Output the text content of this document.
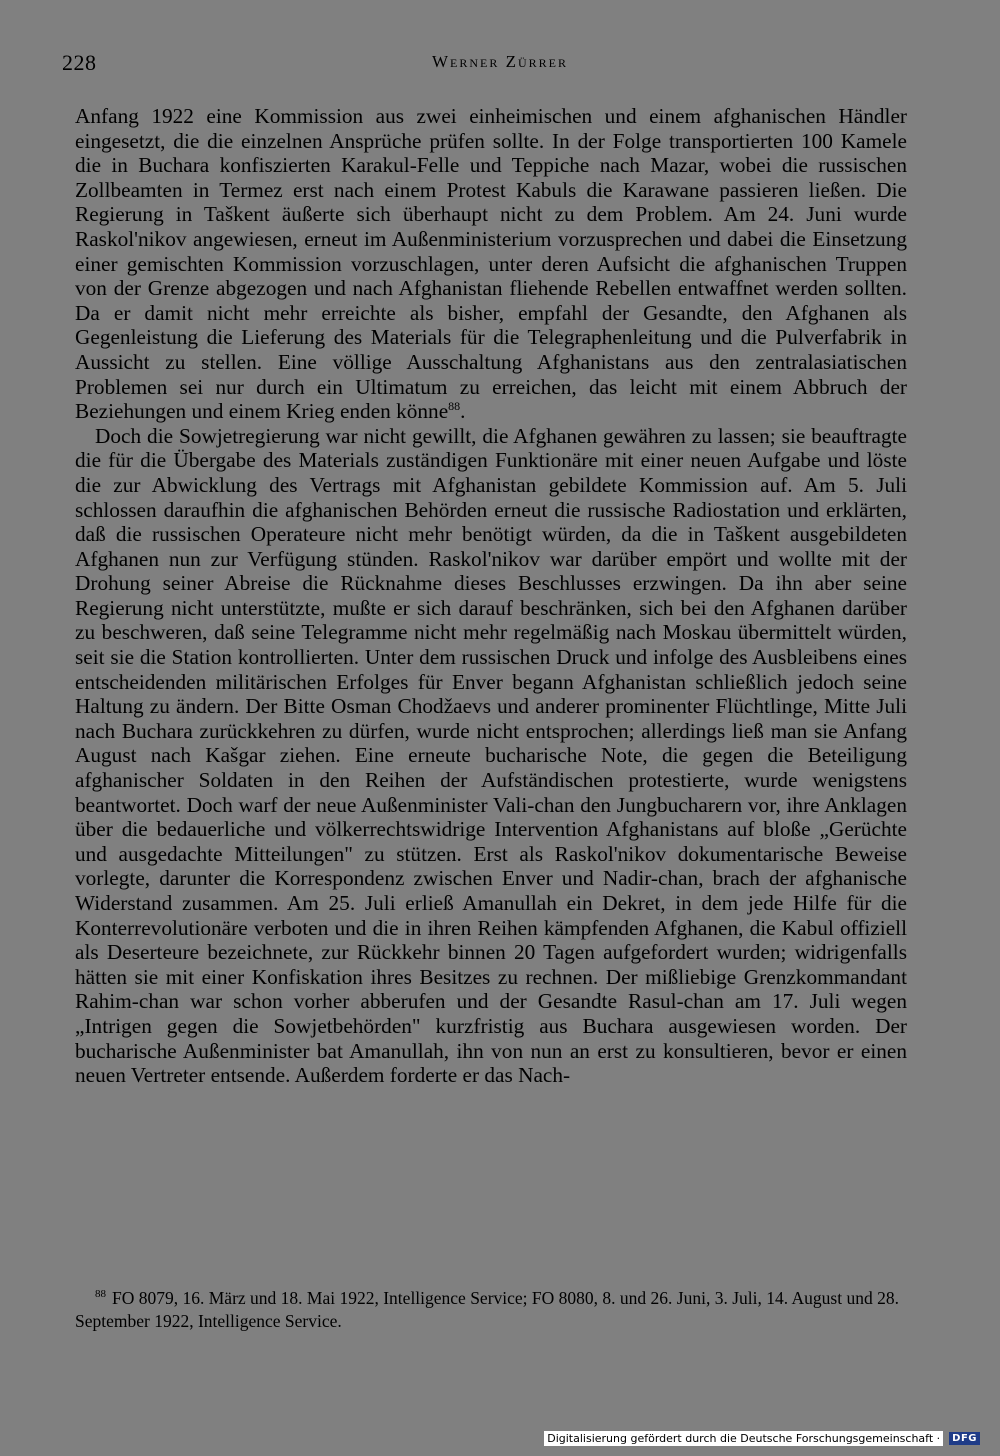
228	Werner Zürrer

Anfang 1922 eine Kommission aus zwei einheimischen und einem afghanischen Händler eingesetzt, die die einzelnen Ansprüche prüfen sollte. In der Folge transportierten 100 Kamele die in Buchara konfiszierten Karakul-Felle und Teppiche nach Mazar, wobei die russischen Zollbeamten in Termez erst nach einem Protest Kabuls die Karawane passieren ließen. Die Regierung in Taškent äußerte sich überhaupt nicht zu dem Problem. Am 24. Juni wurde Raskol'nikov angewiesen, erneut im Außenministerium vorzusprechen und dabei die Einsetzung einer gemischten Kommission vorzuschlagen, unter deren Aufsicht die afghanischen Truppen von der Grenze abgezogen und nach Afghanistan fliehende Rebellen entwaffnet werden sollten. Da er damit nicht mehr erreichte als bisher, empfahl der Gesandte, den Afghanen als Gegenleistung die Lieferung des Materials für die Telegraphenleitung und die Pulverfabrik in Aussicht zu stellen. Eine völlige Ausschaltung Afghanistans aus den zentralasiatischen Problemen sei nur durch ein Ultimatum zu erreichen, das leicht mit einem Abbruch der Beziehungen und einem Krieg enden könne$^{88}$.

Doch die Sowjetregierung war nicht gewillt, die Afghanen gewähren zu lassen; sie beauftragte die für die Übergabe des Materials zuständigen Funktionäre mit einer neuen Aufgabe und löste die zur Abwicklung des Vertrags mit Afghanistan gebildete Kommission auf. Am 5. Juli schlossen daraufhin die afghanischen Behörden erneut die russische Radiostation und erklärten, daß die russischen Operateure nicht mehr benötigt würden, da die in Taškent ausgebildeten Afghanen nun zur Verfügung stünden. Raskol'nikov war darüber empört und wollte mit der Drohung seiner Abreise die Rücknahme dieses Beschlusses erzwingen. Da ihn aber seine Regierung nicht unterstützte, mußte er sich darauf beschränken, sich bei den Afghanen darüber zu beschweren, daß seine Telegramme nicht mehr regelmäßig nach Moskau übermittelt würden, seit sie die Station kontrollierten. Unter dem russischen Druck und infolge des Ausbleibens eines entscheidenden militärischen Erfolges für Enver begann Afghanistan schließlich jedoch seine Haltung zu ändern. Der Bitte Osman Chodžaevs und anderer prominenter Flüchtlinge, Mitte Juli nach Buchara zurückkehren zu dürfen, wurde nicht entsprochen; allerdings ließ man sie Anfang August nach Kašgar ziehen. Eine erneute bucharische Note, die gegen die Beteiligung afghanischer Soldaten in den Reihen der Aufständischen protestierte, wurde wenigstens beantwortet. Doch warf der neue Außenminister Vali-chan den Jungbucharern vor, ihre Anklagen über die bedauerliche und völkerrechtswidrige Intervention Afghanistans auf bloße „Gerüchte und ausgedachte Mitteilungen" zu stützen. Erst als Raskol'nikov dokumentarische Beweise vorlegte, darunter die Korrespondenz zwischen Enver und Nadir-chan, brach der afghanische Widerstand zusammen. Am 25. Juli erließ Amanullah ein Dekret, in dem jede Hilfe für die Konterrevolutionäre verboten und die in ihren Reihen kämpfenden Afghanen, die Kabul offiziell als Deserteure bezeichnete, zur Rückkehr binnen 20 Tagen aufgefordert wurden; widrigenfalls hätten sie mit einer Konfiskation ihres Besitzes zu rechnen. Der mißliebige Grenzkommandant Rahim-chan war schon vorher abberufen und der Gesandte Rasul-chan am 17. Juli wegen „Intrigen gegen die Sowjetbehörden" kurzfristig aus Buchara ausgewiesen worden. Der bucharische Außenminister bat Amanullah, ihn von nun an erst zu konsultieren, bevor er einen neuen Vertreter entsende. Außerdem forderte er das Nach-

$^{88}$ FO 8079, 16. März und 18. Mai 1922, Intelligence Service; FO 8080, 8. und 26. Juni, 3. Juli, 14. August und 28. September 1922, Intelligence Service.
Digitalisierung gefördert durch die Deutsche Forschungsgemeinschaft ·	DFG
